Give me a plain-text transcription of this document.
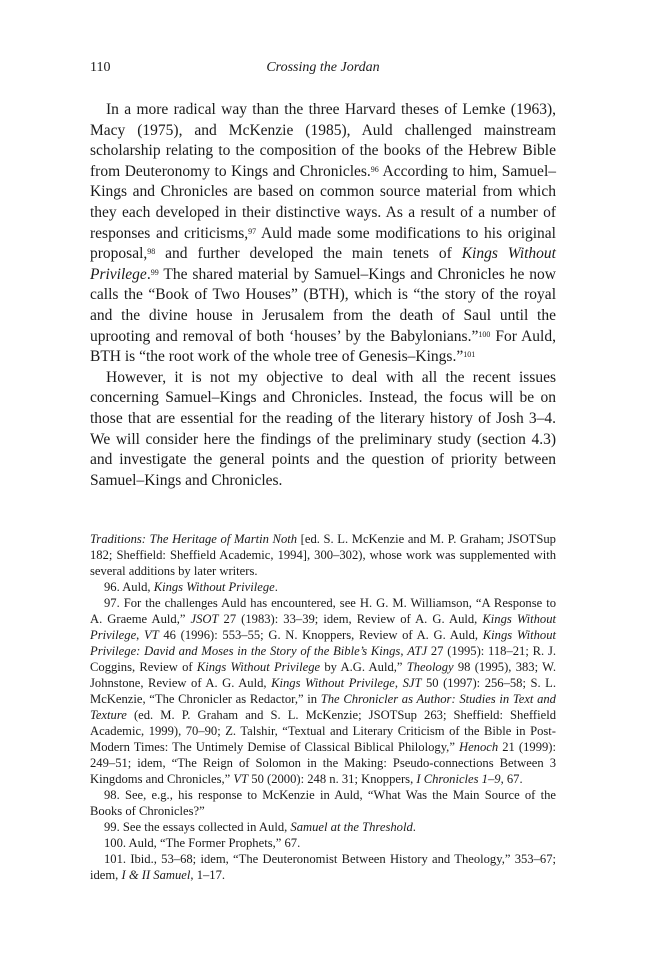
110	Crossing the Jordan

In a more radical way than the three Harvard theses of Lemke (1963), Macy (1975), and McKenzie (1985), Auld challenged mainstream scholarship relating to the composition of the books of the Hebrew Bible from Deuteronomy to Kings and Chronicles.$^{96}$ According to him, Samuel–Kings and Chronicles are based on common source material from which they each developed in their distinctive ways. As a result of a number of responses and criticisms,$^{97}$ Auld made some modifications to his original proposal,$^{98}$ and further developed the main tenets of Kings Without Privilege.$^{99}$ The shared material by Samuel–Kings and Chronicles he now calls the “Book of Two Houses” (BTH), which is “the story of the royal and the divine house in Jerusalem from the death of Saul until the uprooting and removal of both ‘houses’ by the Babylonians.”$^{100}$ For Auld, BTH is “the root work of the whole tree of Genesis–Kings.”$^{101}$

However, it is not my objective to deal with all the recent issues concerning Samuel–Kings and Chronicles. Instead, the focus will be on those that are essential for the reading of the literary history of Josh 3–4. We will consider here the findings of the preliminary study (section 4.3) and investigate the general points and the question of priority between Samuel–Kings and Chronicles.

Traditions: The Heritage of Martin Noth [ed. S. L. McKenzie and M. P. Graham; JSOTSup 182; Sheffield: Sheffield Academic, 1994], 300–302), whose work was supplemented with several additions by later writers.

96. Auld, Kings Without Privilege.

97. For the challenges Auld has encountered, see H. G. M. Williamson, “A Response to A. Graeme Auld,” JSOT 27 (1983): 33–39; idem, Review of A. G. Auld, Kings Without Privilege, VT 46 (1996): 553–55; G. N. Knoppers, Review of A. G. Auld, Kings Without Privilege: David and Moses in the Story of the Bible’s Kings, ATJ 27 (1995): 118–21; R. J. Coggins, Review of Kings Without Privilege by A.G. Auld,” Theology 98 (1995), 383; W. Johnstone, Review of A. G. Auld, Kings Without Privilege, SJT 50 (1997): 256–58; S. L. McKenzie, “The Chronicler as Redactor,” in The Chronicler as Author: Studies in Text and Texture (ed. M. P. Graham and S. L. McKenzie; JSOTSup 263; Sheffield: Sheffield Academic, 1999), 70–90; Z. Talshir, “Textual and Literary Criticism of the Bible in Post-Modern Times: The Untimely Demise of Classical Biblical Philology,” Henoch 21 (1999): 249–51; idem, “The Reign of Solomon in the Making: Pseudo-connections Between 3 Kingdoms and Chronicles,” VT 50 (2000): 248 n. 31; Knoppers, I Chronicles 1–9, 67.

98. See, e.g., his response to McKenzie in Auld, “What Was the Main Source of the Books of Chronicles?”

99. See the essays collected in Auld, Samuel at the Threshold.

100. Auld, “The Former Prophets,” 67.

101. Ibid., 53–68; idem, “The Deuteronomist Between History and Theology,” 353–67; idem, I & II Samuel, 1–17.
